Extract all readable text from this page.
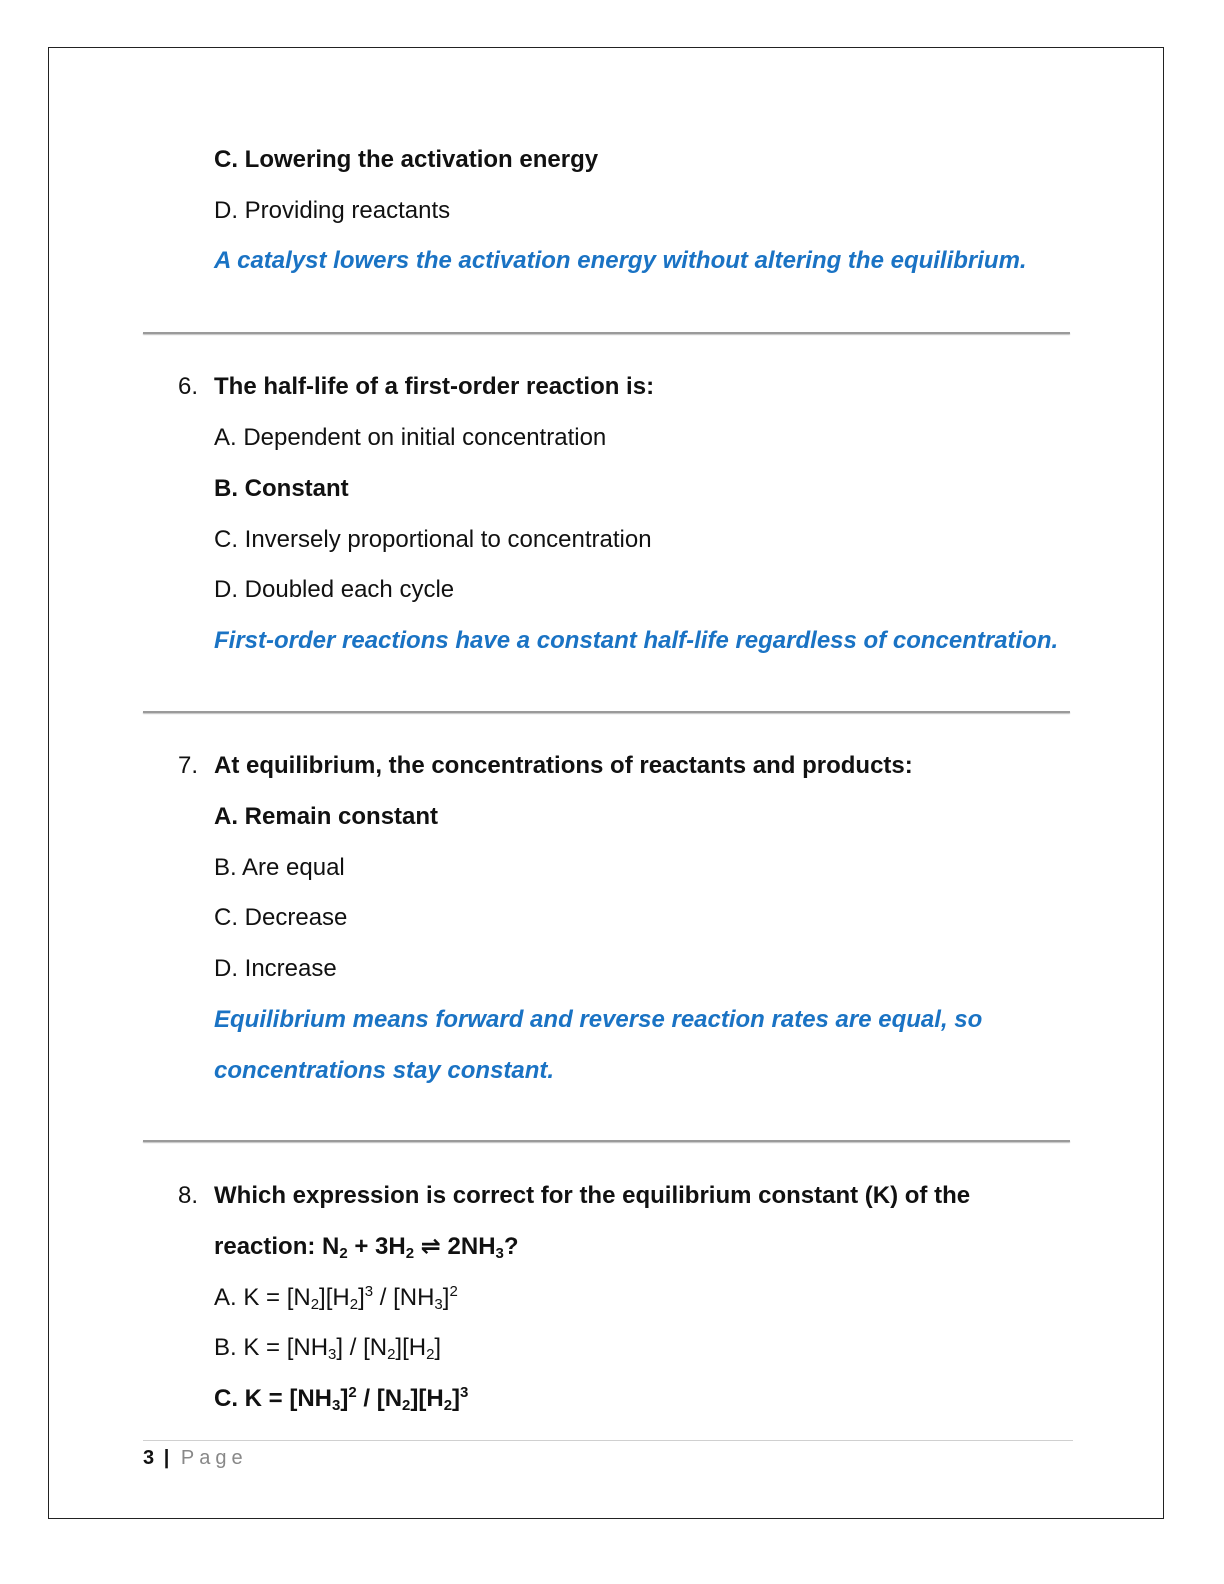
C. Lowering the activation energy
D. Providing reactants
A catalyst lowers the activation energy without altering the equilibrium.
6. The half-life of a first-order reaction is:
A. Dependent on initial concentration
B. Constant
C. Inversely proportional to concentration
D. Doubled each cycle
First-order reactions have a constant half-life regardless of concentration.
7. At equilibrium, the concentrations of reactants and products:
A. Remain constant
B. Are equal
C. Decrease
D. Increase
Equilibrium means forward and reverse reaction rates are equal, so
concentrations stay constant.
8. Which expression is correct for the equilibrium constant (K) of the
reaction: $N_2 + 3H_2$ ⇌ $2NH_3$?
A. $K = [N_2][H_2]^3 / [NH_3]^2$
B. $K = [NH_3] / [N_2][H_2]$
C. $K = [NH_3]^2 / [N_2][H_2]^3$
3 | Page
